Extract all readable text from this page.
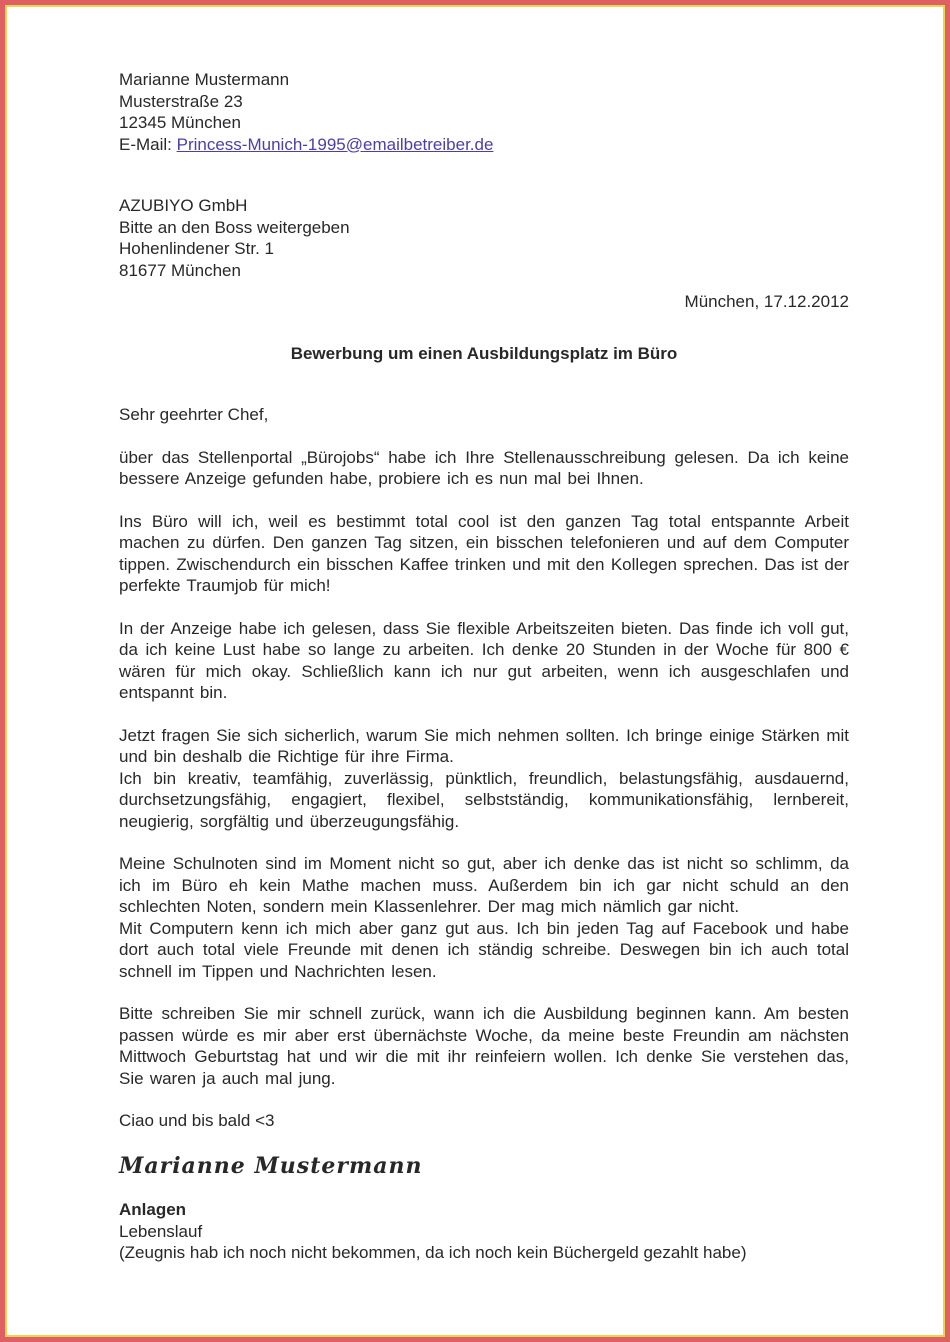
Marianne Mustermann
Musterstraße 23
12345 München
E-Mail: Princess-Munich-1995@emailbetreiber.de
AZUBIYO GmbH
Bitte an den Boss weitergeben
Hohenlindener Str. 1
81677 München
München, 17.12.2012
Bewerbung um einen Ausbildungsplatz im Büro
Sehr geehrter Chef,

über das Stellenportal „Bürojobs“ habe ich Ihre Stellenausschreibung gelesen. Da ich keine bessere Anzeige gefunden habe, probiere ich es nun mal bei Ihnen.

Ins Büro will ich, weil es bestimmt total cool ist den ganzen Tag total entspannte Arbeit machen zu dürfen. Den ganzen Tag sitzen, ein bisschen telefonieren und auf dem Computer tippen. Zwischendurch ein bisschen Kaffee trinken und mit den Kollegen sprechen. Das ist der perfekte Traumjob für mich!

In der Anzeige habe ich gelesen, dass Sie flexible Arbeitszeiten bieten. Das finde ich voll gut, da ich keine Lust habe so lange zu arbeiten. Ich denke 20 Stunden in der Woche für 800 € wären für mich okay. Schließlich kann ich nur gut arbeiten, wenn ich ausgeschlafen und entspannt bin.

Jetzt fragen Sie sich sicherlich, warum Sie mich nehmen sollten. Ich bringe einige Stärken mit und bin deshalb die Richtige für ihre Firma.
Ich bin kreativ, teamfähig, zuverlässig, pünktlich, freundlich, belastungsfähig, ausdauernd, durchsetzungsfähig, engagiert, flexibel, selbstständig, kommunikationsfähig, lernbereit, neugierig, sorgfältig und überzeugungsfähig.

Meine Schulnoten sind im Moment nicht so gut, aber ich denke das ist nicht so schlimm, da ich im Büro eh kein Mathe machen muss. Außerdem bin ich gar nicht schuld an den schlechten Noten, sondern mein Klassenlehrer. Der mag mich nämlich gar nicht.
Mit Computern kenn ich mich aber ganz gut aus. Ich bin jeden Tag auf Facebook und habe dort auch total viele Freunde mit denen ich ständig schreibe. Deswegen bin ich auch total schnell im Tippen und Nachrichten lesen.

Bitte schreiben Sie mir schnell zurück, wann ich die Ausbildung beginnen kann. Am besten passen würde es mir aber erst übernächste Woche, da meine beste Freundin am nächsten Mittwoch Geburtstag hat und wir die mit ihr reinfeiern wollen. Ich denke Sie verstehen das, Sie waren ja auch mal jung.

Ciao und bis bald <3
Marianne Mustermann
Anlagen
Lebenslauf
(Zeugnis hab ich noch nicht bekommen, da ich noch kein Büchergeld gezahlt habe)
